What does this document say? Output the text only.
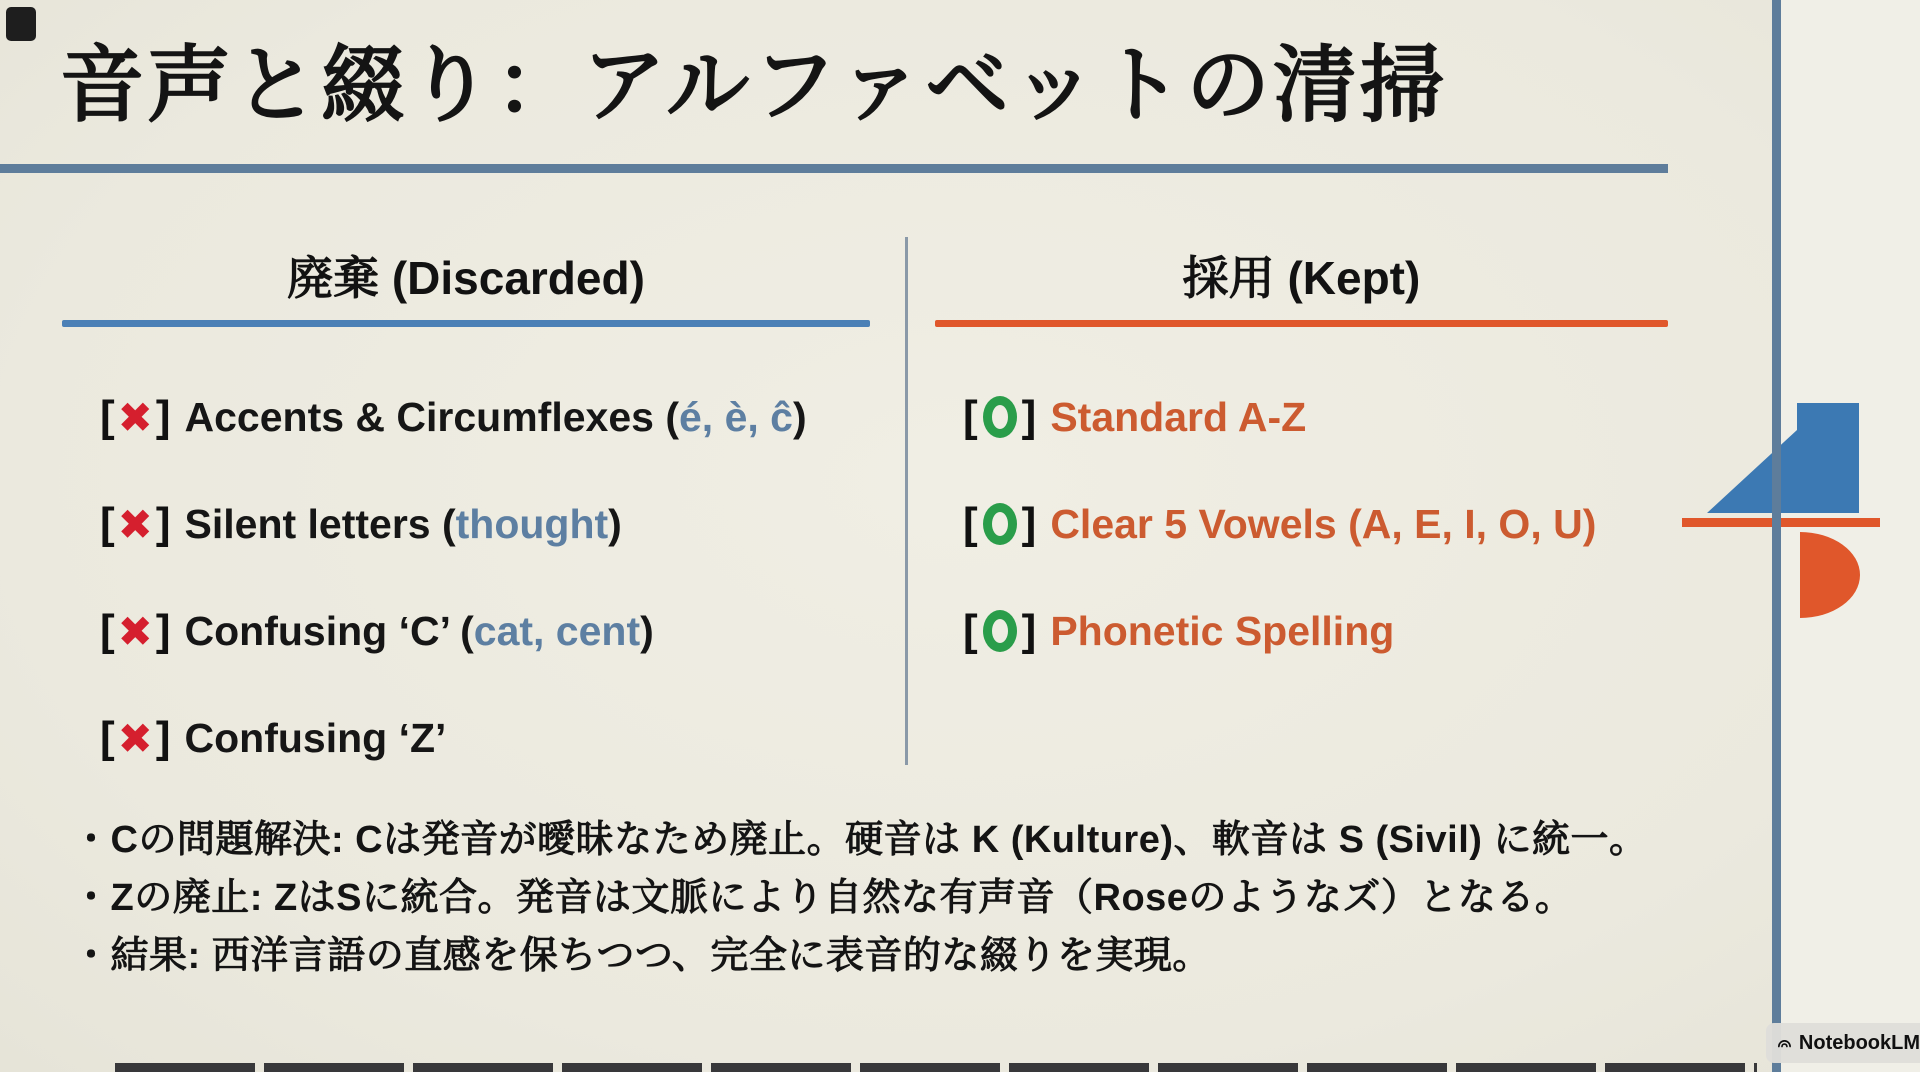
音声と綴り：アルファベットの清掃
廃棄 (Discarded)	採用 (Kept)
[ ✖ ] Accents & Circumflexes (é, è, ĉ)
[ ✖ ] Silent letters (thought)
[ ✖ ] Confusing ‘C’ (cat, cent)
[ ✖ ] Confusing ‘Z’
[ ] Standard A-Z
[ ] Clear 5 Vowels (A, E, I, O, U)
[ ] Phonetic Spelling
・Cの問題解決: Cは発音が曖昧なため廃止。硬音は K (Kulture)、軟音は S (Sivil) に統一。
・Zの廃止: ZはSに統合。発音は文脈により自然な有声音（Roseのようなズ）となる。
・結果: 西洋言語の直感を保ちつつ、完全に表音的な綴りを実現。
NotebookLM
